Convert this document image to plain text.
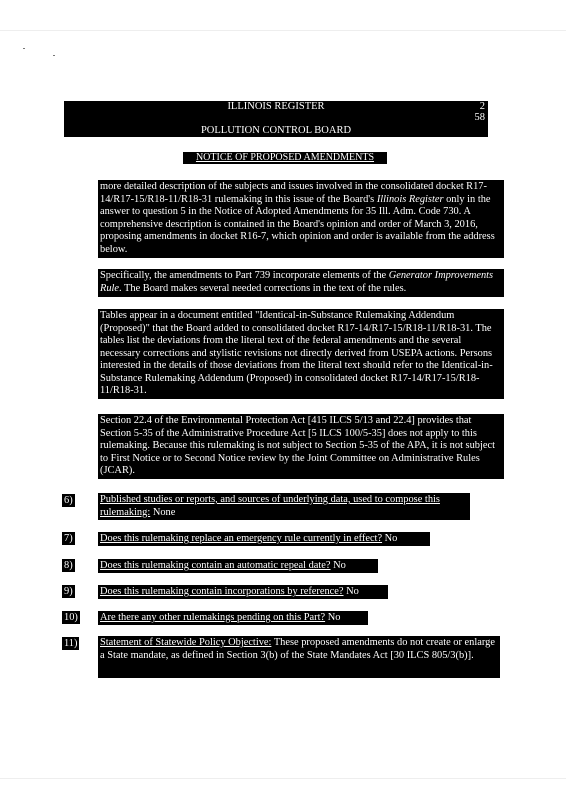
ILLINOIS REGISTER	2
58
POLLUTION CONTROL BOARD
NOTICE OF PROPOSED AMENDMENTS
more detailed description of the subjects and issues involved in the consolidated docket R17-14/R17-15/R18-11/R18-31 rulemaking in this issue of the Board's Illinois Register only in the answer to question 5 in the Notice of Adopted Amendments for 35 Ill. Adm. Code 730. A comprehensive description is contained in the Board's opinion and order of March 3, 2016, proposing amendments in docket R16-7, which opinion and order is available from the address below.
Specifically, the amendments to Part 739 incorporate elements of the Generator Improvements Rule. The Board makes several needed corrections in the text of the rules.
Tables appear in a document entitled "Identical-in-Substance Rulemaking Addendum (Proposed)" that the Board added to consolidated docket R17-14/R17-15/R18-11/R18-31. The tables list the deviations from the literal text of the federal amendments and the several necessary corrections and stylistic revisions not directly derived from USEPA actions. Persons interested in the details of those deviations from the literal text should refer to the Identical-in-Substance Rulemaking Addendum (Proposed) in consolidated docket R17-14/R17-15/R18-11/R18-31.
Section 22.4 of the Environmental Protection Act [415 ILCS 5/13 and 22.4] provides that Section 5-35 of the Administrative Procedure Act [5 ILCS 100/5-35] does not apply to this rulemaking. Because this rulemaking is not subject to Section 5-35 of the APA, it is not subject to First Notice or to Second Notice review by the Joint Committee on Administrative Rules (JCAR).
6)	Published studies or reports, and sources of underlying data, used to compose this rulemaking: None
7)	Does this rulemaking replace an emergency rule currently in effect? No
8)	Does this rulemaking contain an automatic repeal date? No
9)	Does this rulemaking contain incorporations by reference? No
10) Are there any other rulemakings pending on this Part? No
11) Statement of Statewide Policy Objective: These proposed amendments do not create or enlarge a State mandate, as defined in Section 3(b) of the State Mandates Act [30 ILCS 805/3(b)].
